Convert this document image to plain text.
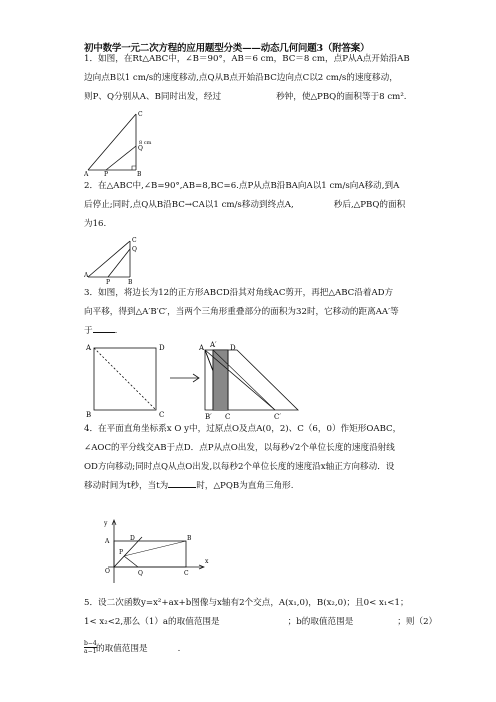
初中数学一元二次方程的应用题型分类——动态几何问题3（附答案）
1．如图，在Rt△ABC中，∠B＝90°，AB＝6 cm，BC＝8 cm，点P从A点开始沿AB
边向点B以1 cm/s的速度移动,点Q从B点开始沿BC边向点C以2 cm/s的速度移动，
则P、Q分别从A、B同时出发，经过	秒钟，使△PBQ的面积等于8 cm².
C
8 cm
Q
A	P	B
2．在△ABC中,∠B=90°,AB=8,BC=6.点P从点B沿BA向A以1 cm/s向A移动,到A
后停止;同时,点Q从B沿BC→CA以1 cm/s移动到终点A,	秒后,△PBQ的面积
为16.
C
Q
A
P	B
3．如图，将边长为12的正方形ABCD沿其对角线AC剪开，再把△ABC沿着AD方
向平移，得到△A′B′C′，当两个三角形重叠部分的面积为32时，它移动的距离AA′等
于	.
A	D
B	C
A A′ D
B′ C	C′
4．在平面直角坐标系x O y中，过原点O及点A(0，2)、C（6，0）作矩形OABC，
∠AOC的平分线交AB于点D．点P从点O出发，以每秒√2个单位长度的速度沿射线
OD方向移动;同时点Q从点O出发,以每秒2个单位长度的速度沿x轴正方向移动．设
移动时间为t秒，当t为	时，△PQB为直角三角形.
y
x
A	D	B
P
O	Q	C
5．设二次函数y=x²+ax+b图像与x轴有2个交点，A(x₁,0)，B(x₂,0)；且0< x₁<1；
1< x₂<2,那么（1）a的取值范围是	；b的取值范围是	；则（2）
$\frac{b-4}{a-1}$ 的取值范围是	.
